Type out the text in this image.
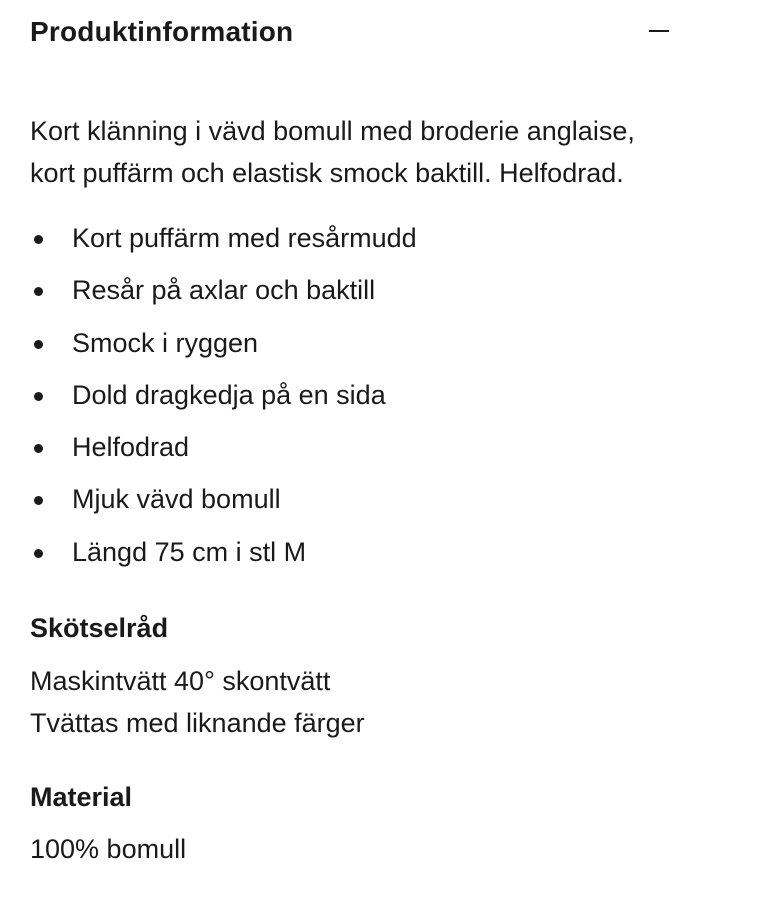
Produktinformation

Kort klänning i vävd bomull med broderie anglaise,
kort puffärm och elastisk smock baktill. Helfodrad.

Kort puffärm med resårmudd
Resår på axlar och baktill
Smock i ryggen
Dold dragkedja på en sida
Helfodrad
Mjuk vävd bomull
Längd 75 cm i stl M
Skötselråd

Maskintvätt 40° skontvätt
Tvättas med liknande färger

Material

100% bomull
